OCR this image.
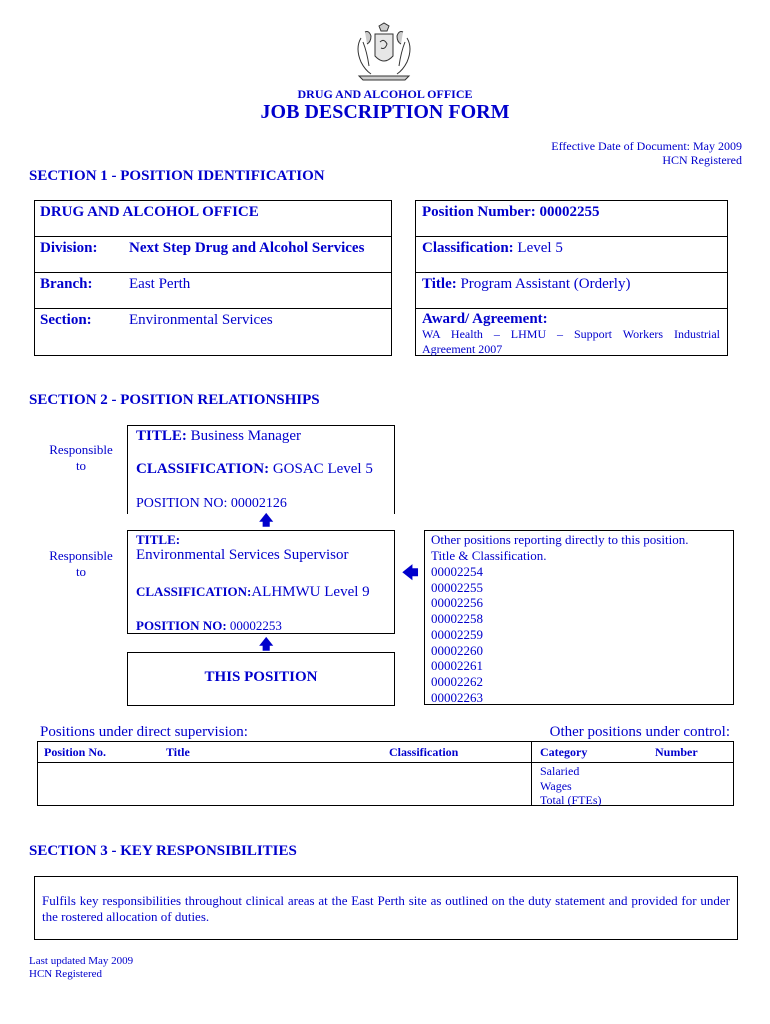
DRUG AND ALCOHOL OFFICE
JOB DESCRIPTION FORM
Effective Date of Document: May 2009
HCN Registered
SECTION 1 - POSITION IDENTIFICATION
DRUG AND ALCOHOL OFFICE
Division: Next Step Drug and Alcohol Services
Branch: East Perth
Section: Environmental Services
Position Number: 00002255
Classification: Level 5
Title: Program Assistant (Orderly)
Award/ Agreement:
WA Health – LHMU – Support Workers Industrial Agreement 2007
SECTION 2 - POSITION RELATIONSHIPS
Responsible
to
TITLE: Business Manager
CLASSIFICATION: GOSAC Level 5
POSITION NO: 00002126
🡅
Responsible
to
TITLE:
Environmental Services Supervisor
CLASSIFICATION:ALHMWU Level 9
POSITION NO: 00002253
🡅
THIS POSITION
🡄
Other positions reporting directly to this position.
Title & Classification.
00002254
00002255
00002256
00002258
00002259
00002260
00002261
00002262
00002263
Positions under direct supervision:	Other positions under control:
Position No.	Title	Classification	Category	Number
Salaried
Wages
Total (FTEs)
SECTION 3 - KEY RESPONSIBILITIES
Fulfils key responsibilities throughout clinical areas at the East Perth site as outlined on the duty statement and provided for under the rostered allocation of duties.
Last updated May 2009
HCN Registered
